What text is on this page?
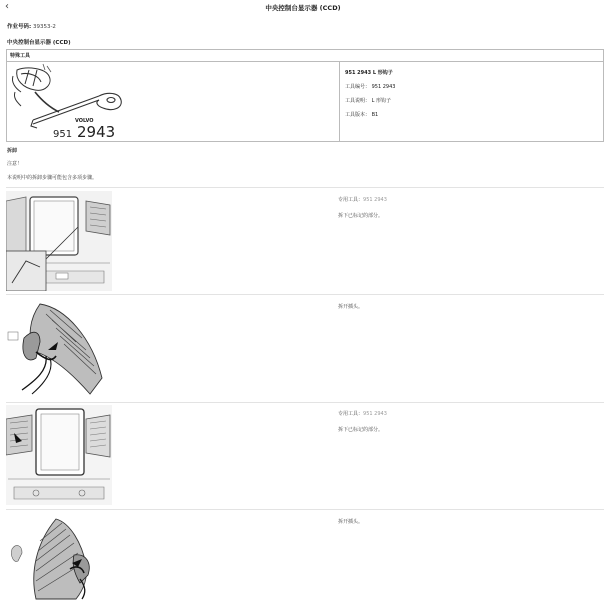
‹	中央控制台显示器 (CCD)
作业号码: 39353-2
中央控制台显示器 (CCD)
特殊工具
VOLVO
951 2943
951 2943 L 形钩子
工具编号： 951 2943
工具说明： L 形钩子
工具版本： B1
拆卸
注意！
本说明中的拆卸步骤可能包含多项步骤。
专用工具：951 2943
拆下已标记的部分。
拆开插头。
专用工具：951 2943
拆下已标记的部分。
拆开插头。
